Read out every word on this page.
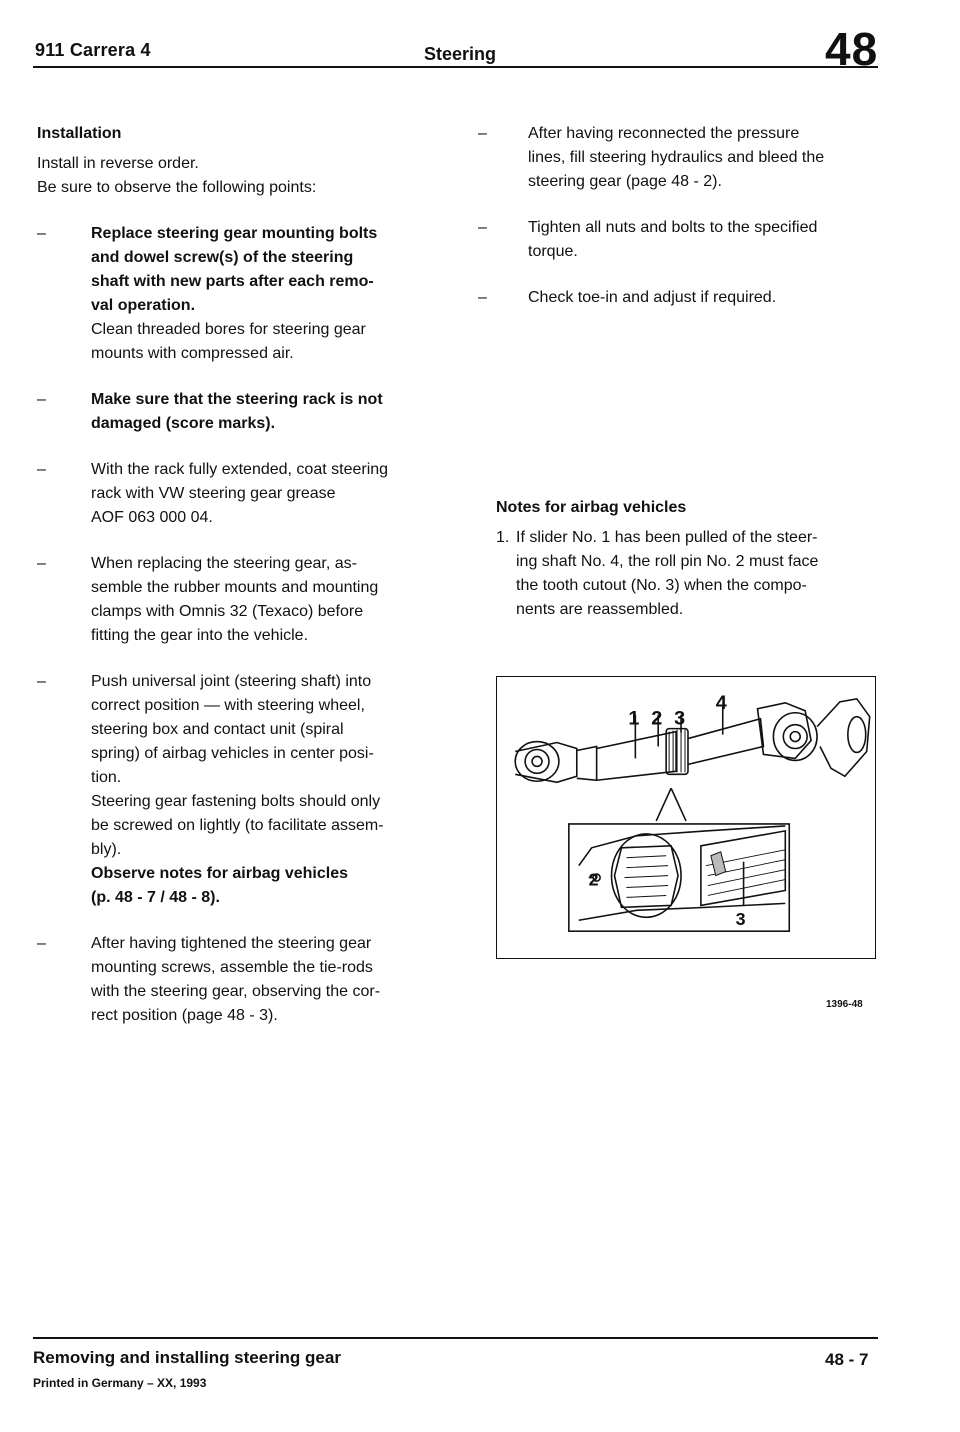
911 Carrera 4	Steering	48

Installation

Install in reverse order.

Be sure to observe the following points:

–	Replace steering gear mounting bolts

and dowel screw(s) of the steering

shaft with new parts after each remo-

val operation.

Clean threaded bores for steering gear

mounts with compressed air.

–	Make sure that the steering rack is not

damaged (score marks).

–	With the rack fully extended, coat steering

rack with VW steering gear grease

AOF 063 000 04.

–	When replacing the steering gear, as-

semble the rubber mounts and mounting

clamps with Omnis 32 (Texaco) before

fitting the gear into the vehicle.

–	Push universal joint (steering shaft) into

correct position — with steering wheel,

steering box and contact unit (spiral

spring) of airbag vehicles in center posi-

tion.

Steering gear fastening bolts should only

be screwed on lightly (to facilitate assem-

bly).

Observe notes for airbag vehicles

(p. 48 - 7 / 48 - 8).

–	After having tightened the steering gear

mounting screws, assemble the tie-rods

with the steering gear, observing the cor-

rect position (page 48 - 3).

–	After having reconnected the pressure

lines, fill steering hydraulics and bleed the

steering gear (page 48 - 2).

–	Tighten all nuts and bolts to the specified

torque.

–	Check toe-in and adjust if required.

Notes for airbag vehicles

1. If slider No. 1 has been pulled of the steer-

ing shaft No. 4, the roll pin No. 2 must face

the tooth cutout (No. 3) when the compo-

nents are reassembled.

1 2 3
4
2
3
1396-48
Removing and installing steering gear
Printed in Germany – XX, 1993
48 - 7
